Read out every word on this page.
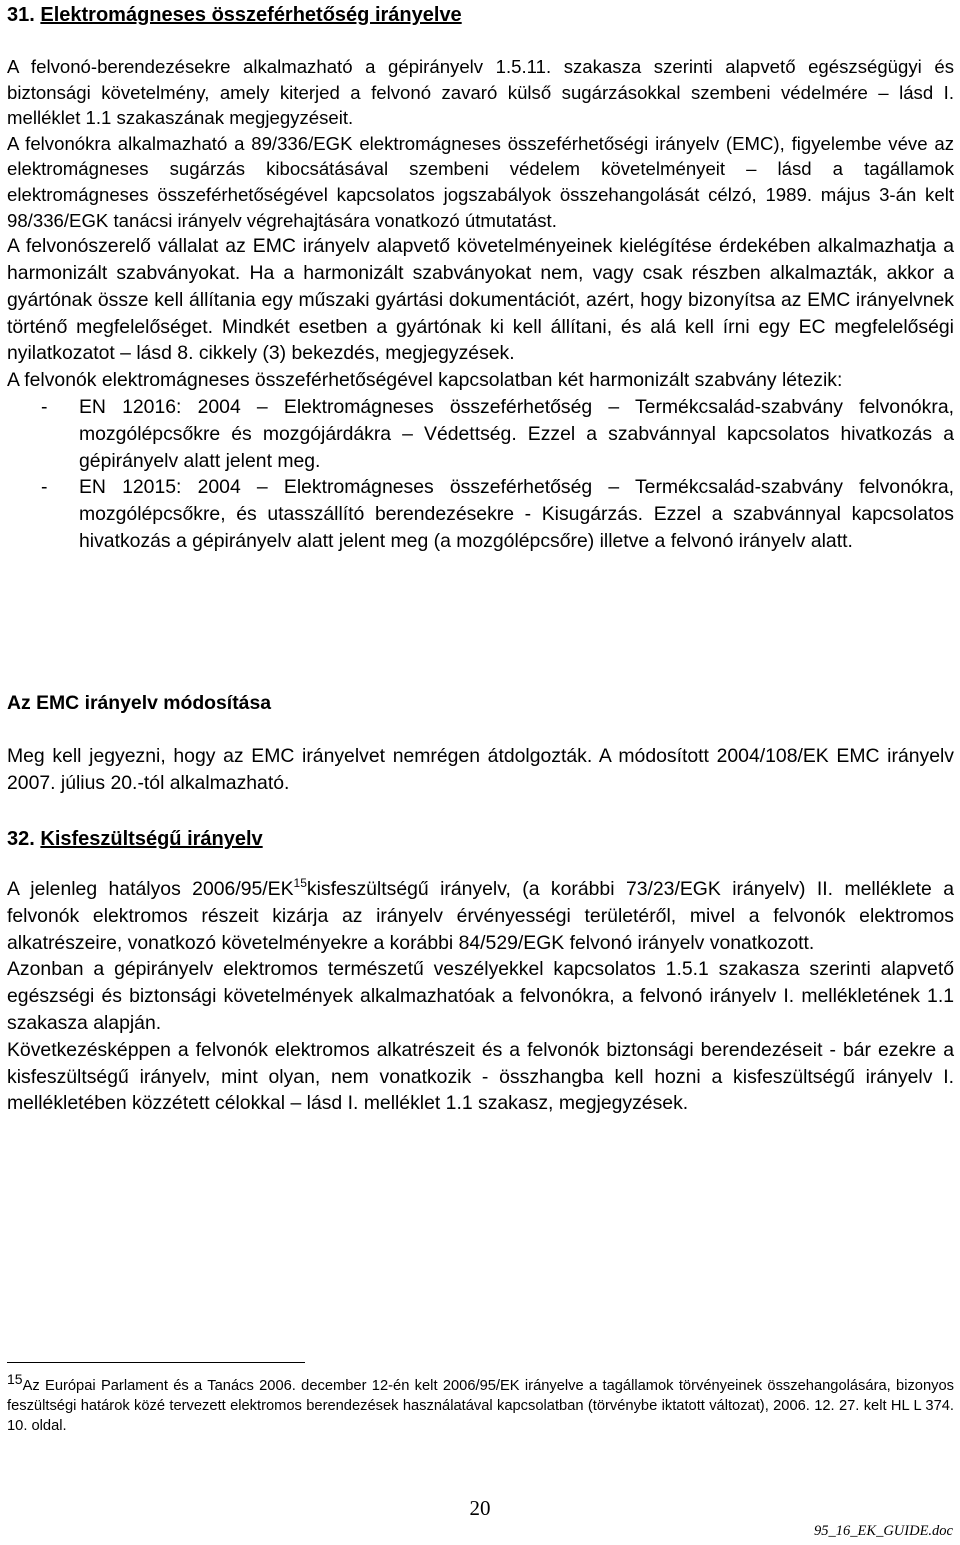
31. Elektromágneses összeférhetőség irányelve

A felvonó-berendezésekre alkalmazható a gépirányelv 1.5.11. szakasza szerinti alapvető egészségügyi és biztonsági követelmény, amely kiterjed a felvonó zavaró külső sugárzásokkal szembeni védelmére – lásd I. melléklet 1.1 szakaszának megjegyzéseit.

A felvonókra alkalmazható a 89/336/EGK elektromágneses összeférhetőségi irányelv (EMC), figyelembe véve az elektromágneses sugárzás kibocsátásával szembeni védelem követelményeit – lásd a tagállamok elektromágneses összeférhetőségével kapcsolatos jogszabályok összehangolását célzó, 1989. május 3-án kelt 98/336/EGK tanácsi irányelv végrehajtására vonatkozó útmutatást.

A felvonószerelő vállalat az EMC irányelv alapvető követelményeinek kielégítése érdekében alkalmazhatja a harmonizált szabványokat. Ha a harmonizált szabványokat nem, vagy csak részben alkalmazták, akkor a gyártónak össze kell állítania egy műszaki gyártási dokumentációt, azért, hogy bizonyítsa az EMC irányelvnek történő megfelelőséget. Mindkét esetben a gyártónak ki kell állítani, és alá kell írni egy EC megfelelőségi nyilatkozatot – lásd 8. cikkely (3) bekezdés, megjegyzések.

A felvonók elektromágneses összeférhetőségével kapcsolatban két harmonizált szabvány létezik:

- EN 12016: 2004 – Elektromágneses összeférhetőség – Termékcsalád-szabvány felvonókra, mozgólépcsőkre és mozgójárdákra – Védettség. Ezzel a szabvánnyal kapcsolatos hivatkozás a gépirányelv alatt jelent meg.

- EN 12015: 2004 – Elektromágneses összeférhetőség – Termékcsalád-szabvány felvonókra, mozgólépcsőkre, és utasszállító berendezésekre - Kisugárzás. Ezzel a szabvánnyal kapcsolatos hivatkozás a gépirányelv alatt jelent meg (a mozgólépcsőre) illetve a felvonó irányelv alatt.

Az EMC irányelv módosítása

Meg kell jegyezni, hogy az EMC irányelvet nemrégen átdolgozták. A módosított 2004/108/EK EMC irányelv 2007. július 20.-tól alkalmazható.

32. Kisfeszültségű irányelv

A jelenleg hatályos 2006/95/EK$^{15}$kisfeszültségű irányelv, (a korábbi 73/23/EGK irányelv) II. melléklete a felvonók elektromos részeit kizárja az irányelv érvényességi területéről, mivel a felvonók elektromos alkatrészeire, vonatkozó követelményekre a korábbi 84/529/EGK felvonó irányelv vonatkozott.

Azonban a gépirányelv elektromos természetű veszélyekkel kapcsolatos 1.5.1 szakasza szerinti alapvető egészségi és biztonsági követelmények alkalmazhatóak a felvonókra, a felvonó irányelv I. mellékletének 1.1 szakasza alapján.

Következésképpen a felvonók elektromos alkatrészeit és a felvonók biztonsági berendezéseit - bár ezekre a kisfeszültségű irányelv, mint olyan, nem vonatkozik - összhangba kell hozni a kisfeszültségű irányelv I. mellékletében közzétett célokkal – lásd I. melléklet 1.1 szakasz, megjegyzések.

$^{15}$Az Európai Parlament és a Tanács 2006. december 12-én kelt 2006/95/EK irányelve a tagállamok törvényeinek összehangolására, bizonyos feszültségi határok közé tervezett elektromos berendezések használatával kapcsolatban (törvénybe iktatott változat), 2006. 12. 27. kelt HL L 374. 10. oldal.

20
95_16_EK_GUIDE.doc
